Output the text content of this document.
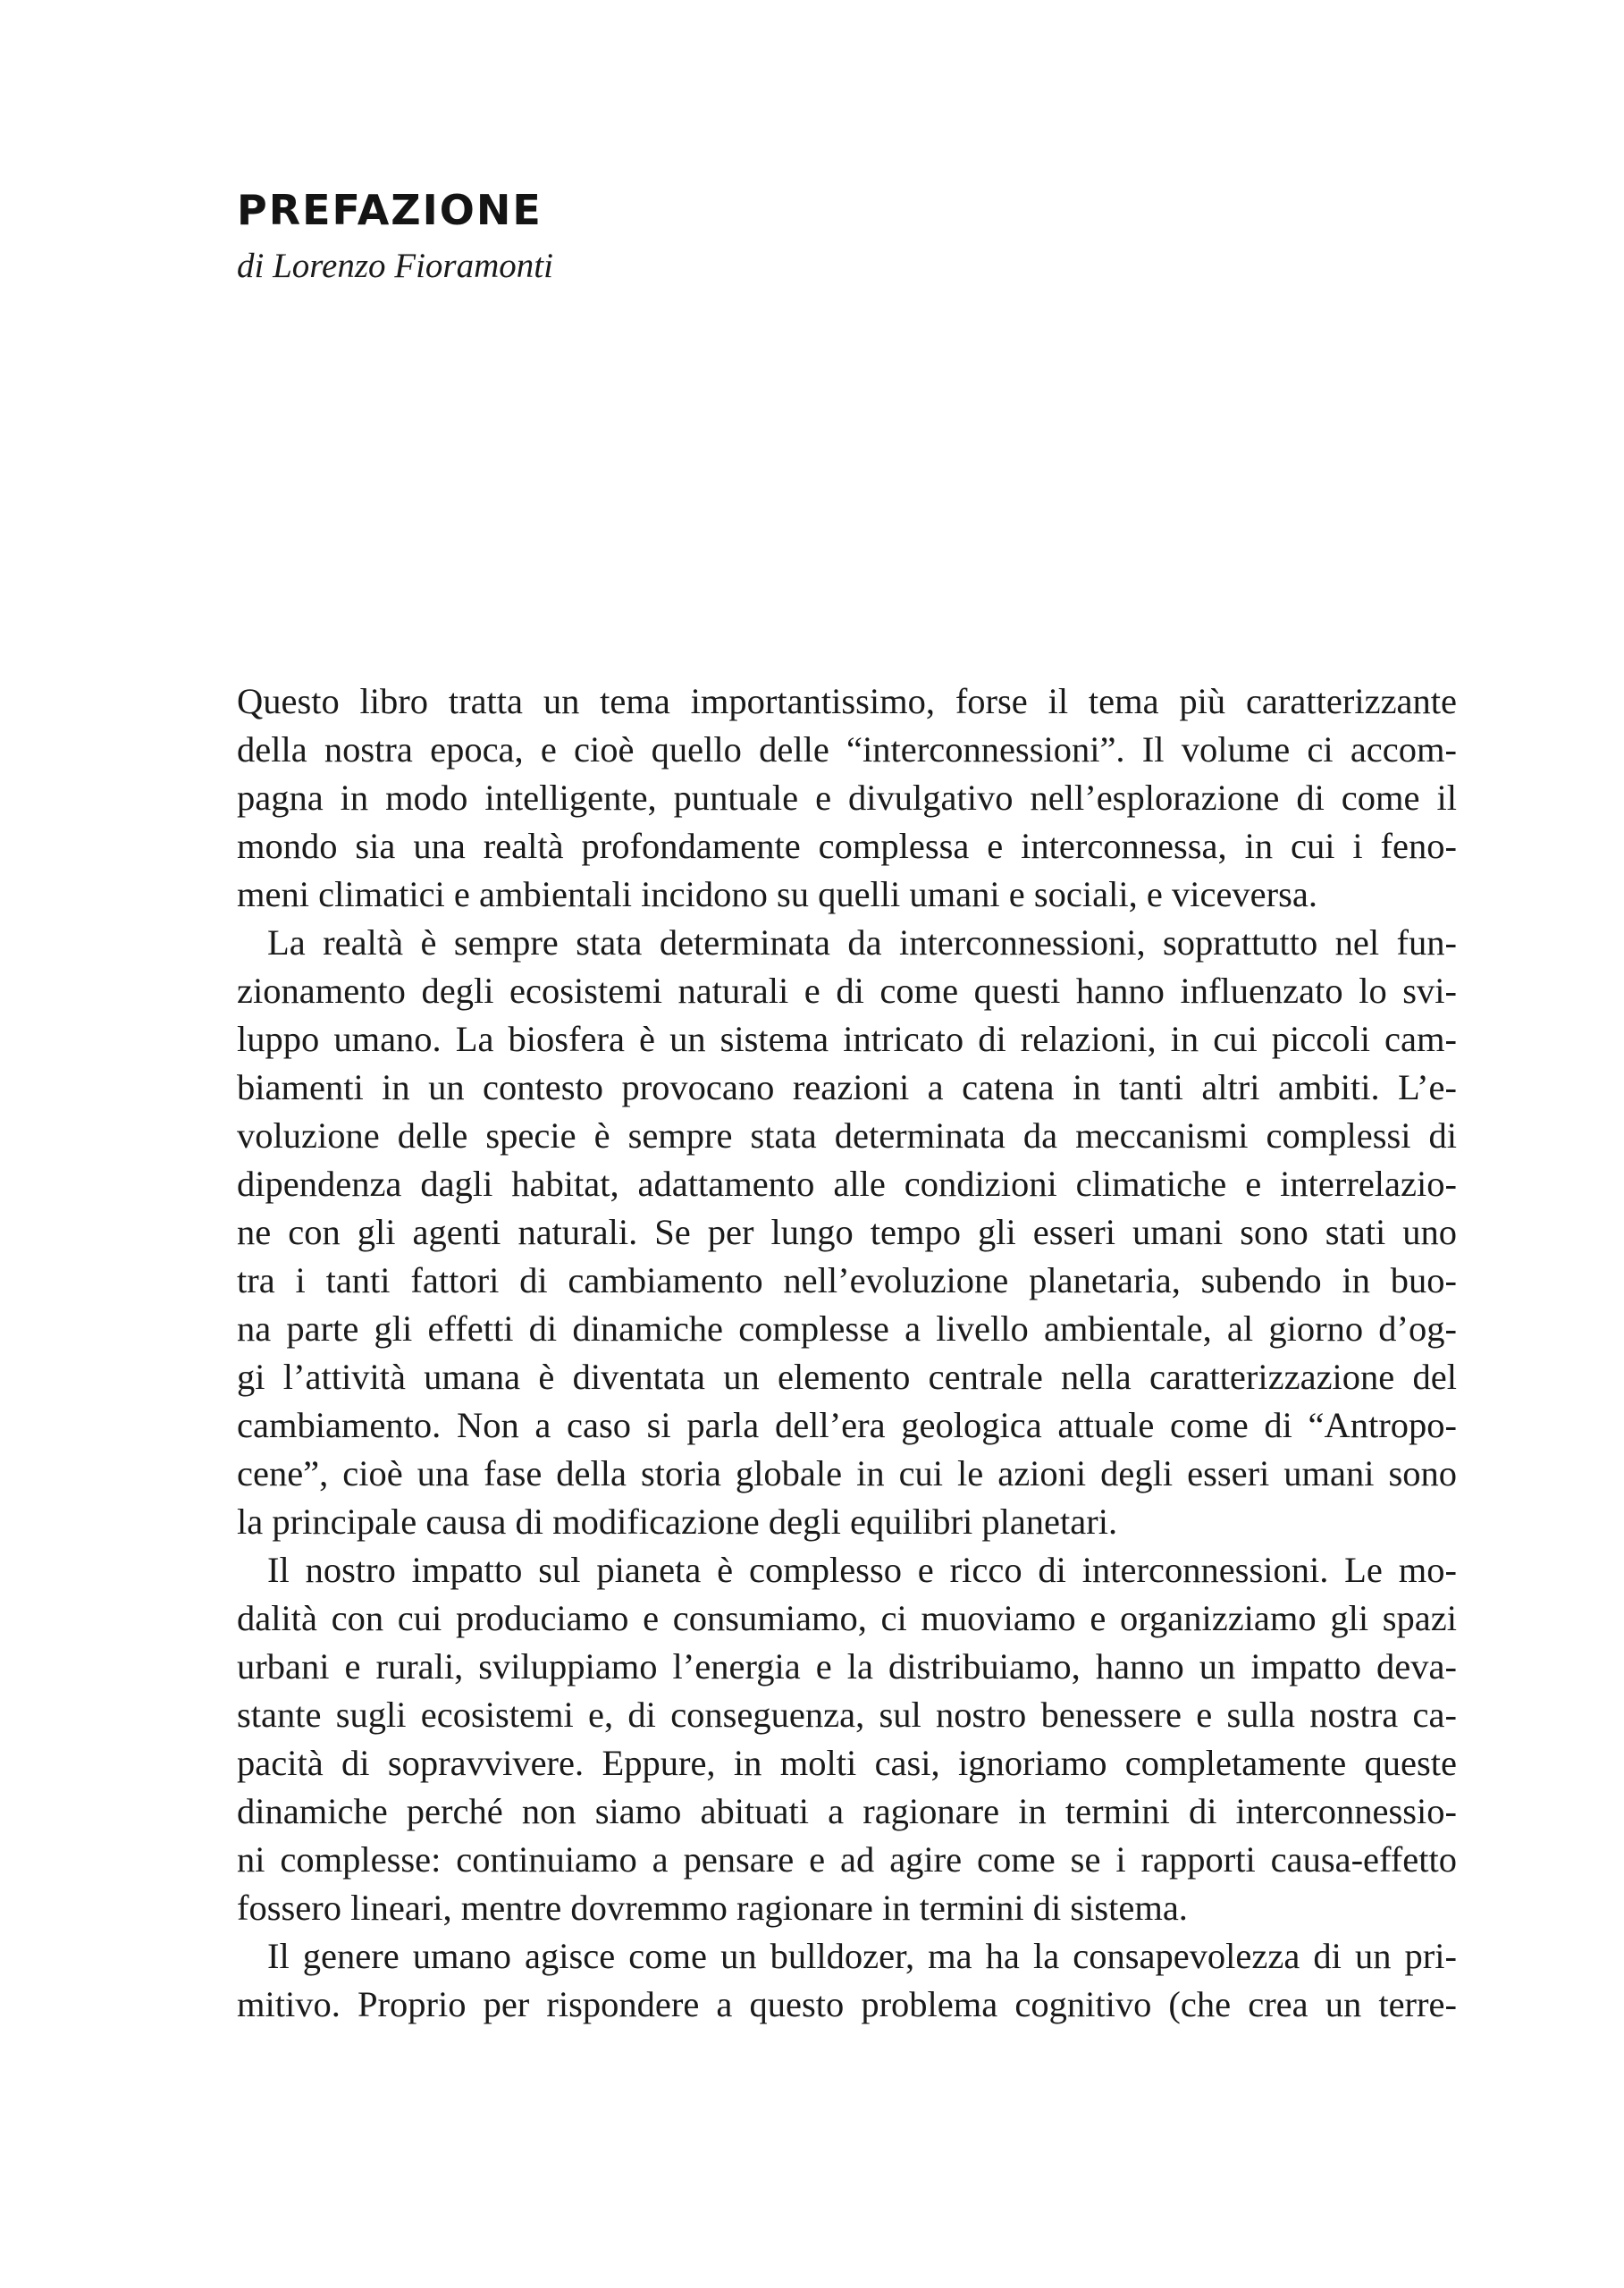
PREFAZIONE

di Lorenzo Fioramonti

Questo libro tratta un tema importantissimo, forse il tema più caratterizzante
della nostra epoca, e cioè quello delle “interconnessioni”. Il volume ci accom-
pagna in modo intelligente, puntuale e divulgativo nell’esplorazione di come il
mondo sia una realtà profondamente complessa e interconnessa, in cui i feno-
meni climatici e ambientali incidono su quelli umani e sociali, e viceversa.
La realtà è sempre stata determinata da interconnessioni, soprattutto nel fun-
zionamento degli ecosistemi naturali e di come questi hanno influenzato lo svi-
luppo umano. La biosfera è un sistema intricato di relazioni, in cui piccoli cam-
biamenti in un contesto provocano reazioni a catena in tanti altri ambiti. L’e-
voluzione delle specie è sempre stata determinata da meccanismi complessi di
dipendenza dagli habitat, adattamento alle condizioni climatiche e interrelazio-
ne con gli agenti naturali. Se per lungo tempo gli esseri umani sono stati uno
tra i tanti fattori di cambiamento nell’evoluzione planetaria, subendo in buo-
na parte gli effetti di dinamiche complesse a livello ambientale, al giorno d’og-
gi l’attività umana è diventata un elemento centrale nella caratterizzazione del
cambiamento. Non a caso si parla dell’era geologica attuale come di “Antropo-
cene”, cioè una fase della storia globale in cui le azioni degli esseri umani sono
la principale causa di modificazione degli equilibri planetari.
Il nostro impatto sul pianeta è complesso e ricco di interconnessioni. Le mo-
dalità con cui produciamo e consumiamo, ci muoviamo e organizziamo gli spazi
urbani e rurali, sviluppiamo l’energia e la distribuiamo, hanno un impatto deva-
stante sugli ecosistemi e, di conseguenza, sul nostro benessere e sulla nostra ca-
pacità di sopravvivere. Eppure, in molti casi, ignoriamo completamente queste
dinamiche perché non siamo abituati a ragionare in termini di interconnessio-
ni complesse: continuiamo a pensare e ad agire come se i rapporti causa-effetto
fossero lineari, mentre dovremmo ragionare in termini di sistema.
Il genere umano agisce come un bulldozer, ma ha la consapevolezza di un pri-
mitivo. Proprio per rispondere a questo problema cognitivo (che crea un terre-
